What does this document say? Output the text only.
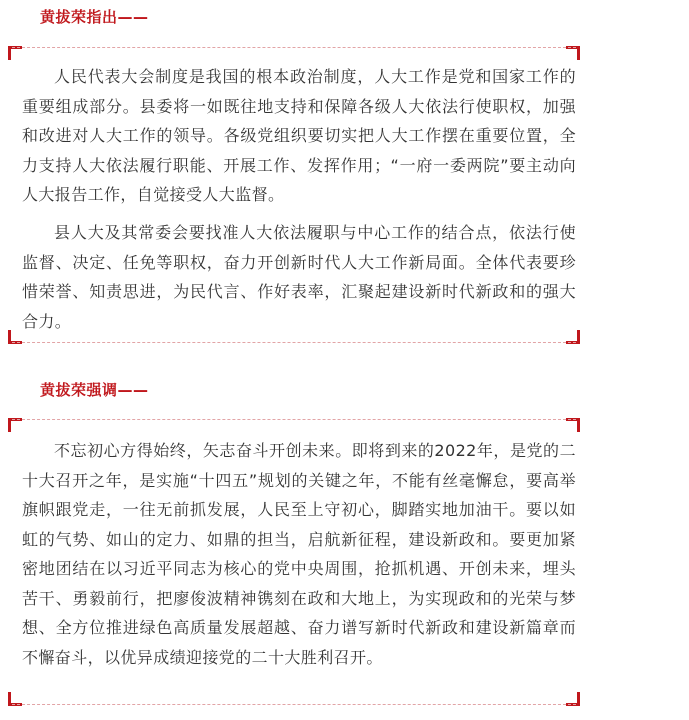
黄拔荣指出——

人民代表大会制度是我国的根本政治制度，人大工作是党和国家工作的重要组成部分。县委将一如既往地支持和保障各级人大依法行使职权，加强和改进对人大工作的领导。各级党组织要切实把人大工作摆在重要位置，全力支持人大依法履行职能、开展工作、发挥作用；“一府一委两院”要主动向人大报告工作，自觉接受人大监督。

县人大及其常委会要找准人大依法履职与中心工作的结合点，依法行使监督、决定、任免等职权，奋力开创新时代人大工作新局面。全体代表要珍惜荣誉、知责思进，为民代言、作好表率，汇聚起建设新时代新政和的强大合力。

黄拔荣强调——

不忘初心方得始终，矢志奋斗开创未来。即将到来的2022年，是党的二十大召开之年，是实施“十四五”规划的关键之年，不能有丝毫懈怠，要高举旗帜跟党走，一往无前抓发展，人民至上守初心，脚踏实地加油干。要以如虹的气势、如山的定力、如鼎的担当，启航新征程，建设新政和。要更加紧密地团结在以习近平同志为核心的党中央周围，抢抓机遇、开创未来，埋头苦干、勇毅前行，把廖俊波精神镌刻在政和大地上，为实现政和的光荣与梦想、全方位推进绿色高质量发展超越、奋力谱写新时代新政和建设新篇章而不懈奋斗，以优异成绩迎接党的二十大胜利召开。
